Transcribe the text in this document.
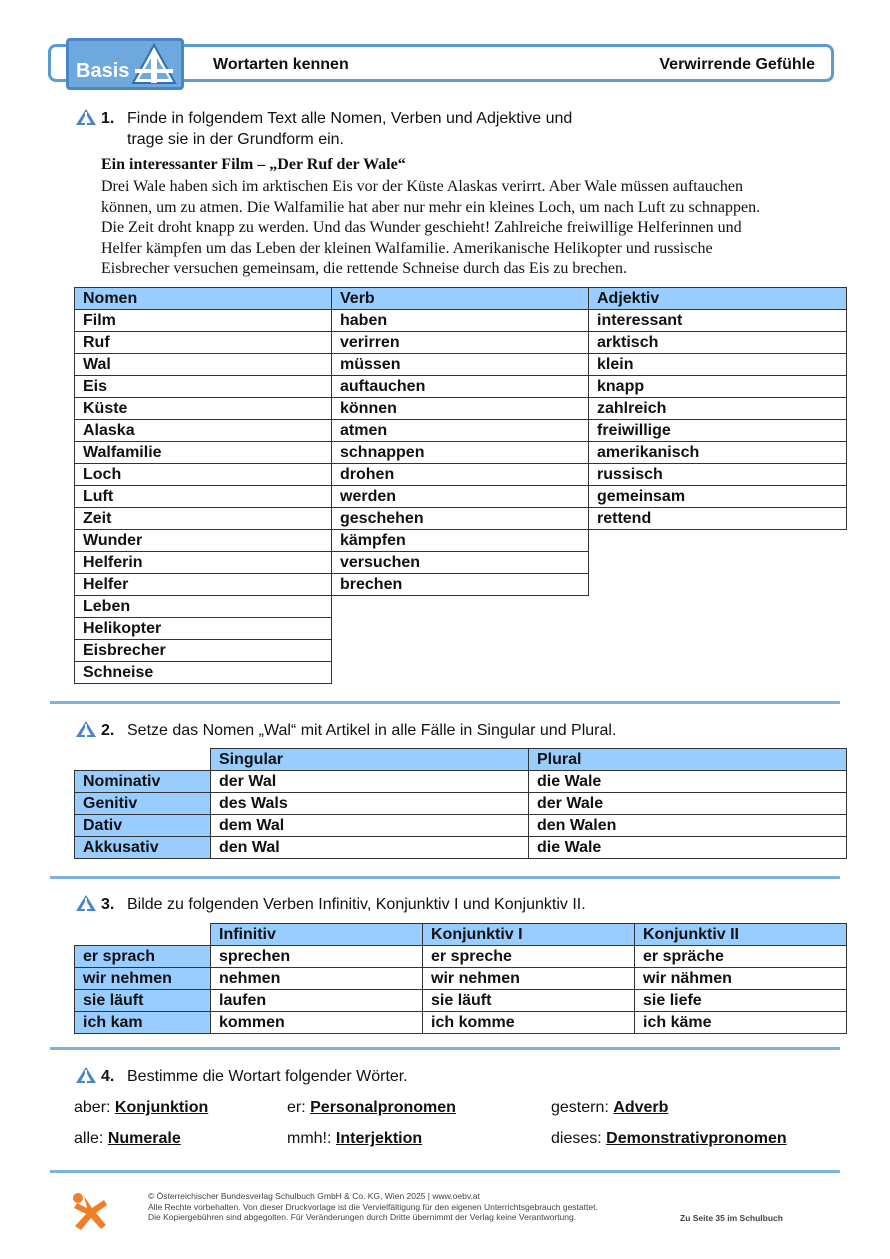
Basis	Wortarten kennen	Verwirrende Gefühle
1. Finde in folgendem Text alle Nomen, Verben und Adjektive und
trage sie in der Grundform ein.
Ein interessanter Film – „Der Ruf der Wale“
Drei Wale haben sich im arktischen Eis vor der Küste Alaskas verirrt. Aber Wale müssen auftauchen
können, um zu atmen. Die Walfamilie hat aber nur mehr ein kleines Loch, um nach Luft zu schnappen.
Die Zeit droht knapp zu werden. Und das Wunder geschieht! Zahlreiche freiwillige Helferinnen und
Helfer kämpfen um das Leben der kleinen Walfamilie. Amerikanische Helikopter und russische
Eisbrecher versuchen gemeinsam, die rettende Schneise durch das Eis zu brechen.
Nomen	Verb	Adjektiv
Film	haben	interessant
Ruf	verirren	arktisch
Wal	müssen	klein
Eis	auftauchen	knapp
Küste	können	zahlreich
Alaska	atmen	freiwillige
Walfamilie	schnappen	amerikanisch
Loch	drohen	russisch
Luft	werden	gemeinsam
Zeit	geschehen	rettend
Wunder	kämpfen	
Helferin	versuchen	
Helfer	brechen	
Leben		
Helikopter		
Eisbrecher		
Schneise		
2. Setze das Nomen „Wal“ mit Artikel in alle Fälle in Singular und Plural.
	Singular	Plural
Nominativ	der Wal	die Wale
Genitiv	des Wals	der Wale
Dativ	dem Wal	den Walen
Akkusativ	den Wal	die Wale
3. Bilde zu folgenden Verben Infinitiv, Konjunktiv I und Konjunktiv II.
	Infinitiv	Konjunktiv I	Konjunktiv II
er sprach	sprechen	er spreche	er spräche
wir nehmen	nehmen	wir nehmen	wir nähmen
sie läuft	laufen	sie läuft	sie liefe
ich kam	kommen	ich komme	ich käme
4. Bestimme die Wortart folgender Wörter.
aber: Konjunktion	er: Personalpronomen	gestern: Adverb
alle: Numerale	mmh!: Interjektion	dieses: Demonstrativpronomen
© Österreichischer Bundesverlag Schulbuch GmbH & Co. KG, Wien 2025 | www.oebv.at
Alle Rechte vorbehalten. Von dieser Druckvorlage ist die Vervielfältigung für den eigenen Unterrichtsgebrauch gestattet.
Die Kopiergebühren sind abgegolten. Für Veränderungen durch Dritte übernimmt der Verlag keine Verantwortung.	Zu Seite 35 im Schulbuch
